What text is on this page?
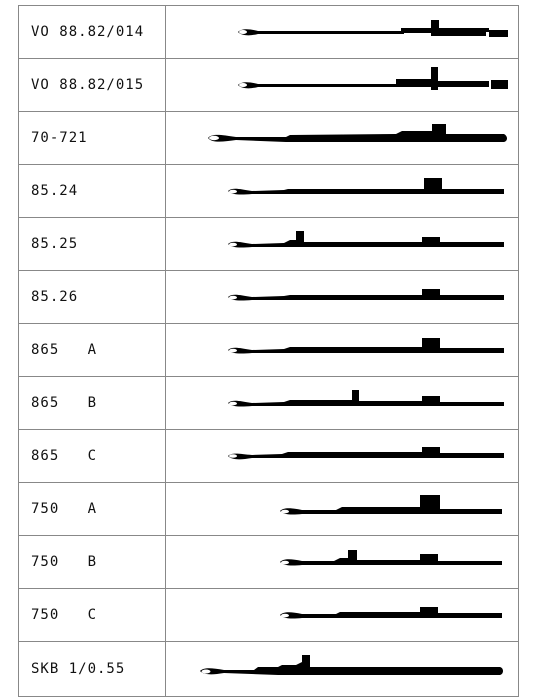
VO 88.82/014

VO 88.82/015

70-721

85.24

85.25

85.26

865   A

865   B

865   C

750   A

750   B

750   C

SKB 1/0.55
